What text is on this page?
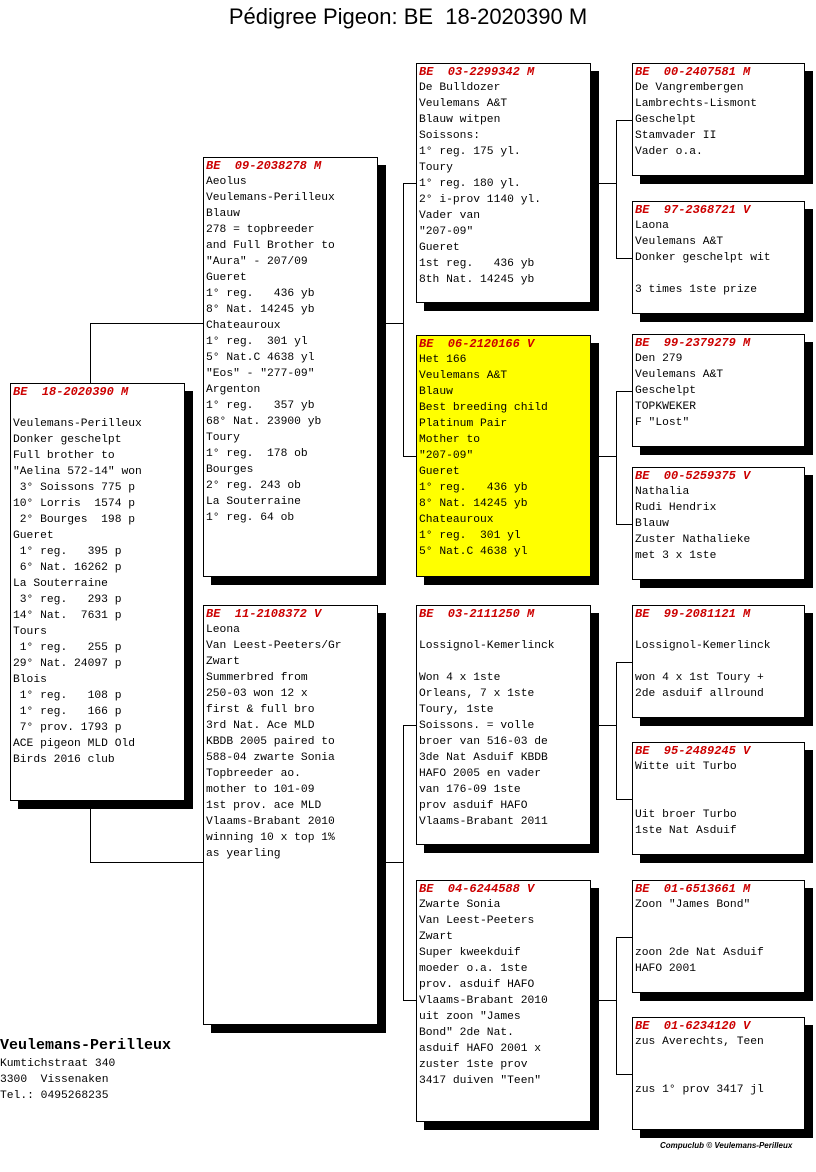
Pédigree Pigeon: BE  18-2020390 M
BE  18-2020390 M
Veulemans-Perilleux
Donker geschelpt
Full brother to
"Aelina 572-14" won
3° Soissons 775 p
10° Lorris  1574 p
2° Bourges  198 p
Gueret
1° reg.   395 p
6° Nat. 16262 p
La Souterraine
3° reg.   293 p
14° Nat.  7631 p
Tours
1° reg.   255 p
29° Nat. 24097 p
Blois
1° reg.   108 p
1° reg.   166 p
7° prov. 1793 p
ACE pigeon MLD Old
Birds 2016 club
BE  09-2038278 M
Aeolus
Veulemans-Perilleux
Blauw
278 = topbreeder
and Full Brother to
"Aura" - 207/09
Gueret
1° reg.   436 yb
8° Nat. 14245 yb
Chateauroux
1° reg.  301 yl
5° Nat.C 4638 yl
"Eos" - "277-09"
Argenton
1° reg.   357 yb
68° Nat. 23900 yb
Toury
1° reg.  178 ob
Bourges
2° reg. 243 ob
La Souterraine
1° reg. 64 ob
BE  11-2108372 V
Leona
Van Leest-Peeters/Gr
Zwart
Summerbred from
250-03 won 12 x
first & full bro
3rd Nat. Ace MLD
KBDB 2005 paired to
588-04 zwarte Sonia
Topbreeder ao.
mother to 101-09
1st prov. ace MLD
Vlaams-Brabant 2010
winning 10 x top 1%
as yearling
BE  03-2299342 M
De Bulldozer
Veulemans A&T
Blauw witpen
Soissons:
1° reg. 175 yl.
Toury
1° reg. 180 yl.
2° i-prov 1140 yl.
Vader van
"207-09"
Gueret
1st reg.   436 yb
8th Nat. 14245 yb
BE  06-2120166 V
Het 166
Veulemans A&T
Blauw
Best breeding child
Platinum Pair
Mother to
"207-09"
Gueret
1° reg.   436 yb
8° Nat. 14245 yb
Chateauroux
1° reg.  301 yl
5° Nat.C 4638 yl
BE  03-2111250 M
Lossignol-Kemerlinck
Won 4 x 1ste
Orleans, 7 x 1ste
Toury, 1ste
Soissons. = volle
broer van 516-03 de
3de Nat Asduif KBDB
HAFO 2005 en vader
van 176-09 1ste
prov asduif HAFO
Vlaams-Brabant 2011
BE  04-6244588 V
Zwarte Sonia
Van Leest-Peeters
Zwart
Super kweekduif
moeder o.a. 1ste
prov. asduif HAFO
Vlaams-Brabant 2010
uit zoon "James
Bond" 2de Nat.
asduif HAFO 2001 x
zuster 1ste prov
3417 duiven "Teen"
BE  00-2407581 M
De Vangrembergen
Lambrechts-Lismont
Geschelpt
Stamvader II
Vader o.a.
BE  97-2368721 V
Laona
Veulemans A&T
Donker geschelpt wit
3 times 1ste prize
BE  99-2379279 M
Den 279
Veulemans A&T
Geschelpt
TOPKWEKER
F "Lost"
BE  00-5259375 V
Nathalia
Rudi Hendrix
Blauw
Zuster Nathalieke
met 3 x 1ste
BE  99-2081121 M
Lossignol-Kemerlinck
won 4 x 1st Toury +
2de asduif allround
BE  95-2489245 V
Witte uit Turbo
Uit broer Turbo
1ste Nat Asduif
BE  01-6513661 M
Zoon "James Bond"
zoon 2de Nat Asduif
HAFO 2001
BE  01-6234120 V
zus Averechts, Teen
zus 1° prov 3417 jl
Veulemans-Perilleux
Kumtichstraat 340
3300  Vissenaken
Tel.: 0495268235
Compuclub © Veulemans-Perilleux
